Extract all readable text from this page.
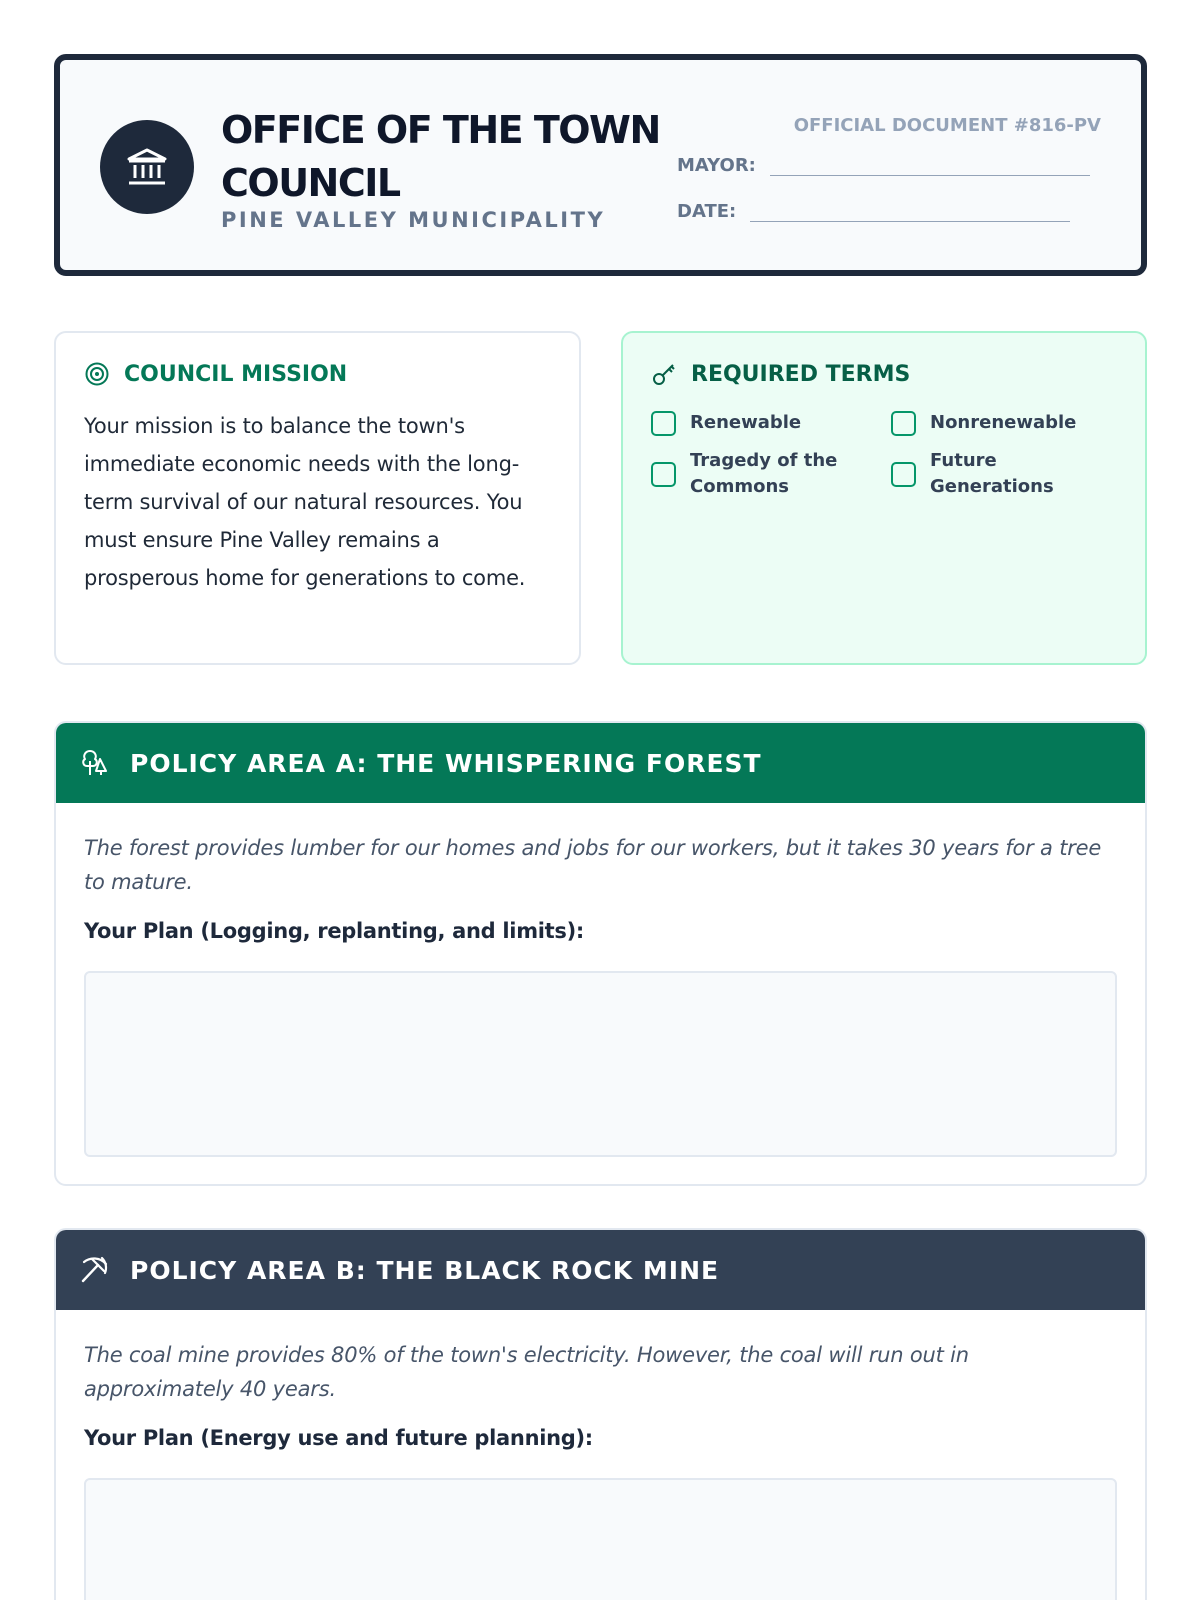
OFFICE OF THE TOWN COUNCIL
PINE VALLEY MUNICIPALITY
OFFICIAL DOCUMENT #816-PV
MAYOR:
DATE:
COUNCIL MISSION
Your mission is to balance the town's immediate economic needs with the long-term survival of our natural resources. You must ensure Pine Valley remains a prosperous home for generations to come.
REQUIRED TERMS
Renewable	Nonrenewable
Tragedy of the Commons
Future Generations
POLICY AREA A: THE WHISPERING FOREST
The forest provides lumber for our homes and jobs for our workers, but it takes 30 years for a tree to mature.
Your Plan (Logging, replanting, and limits):
POLICY AREA B: THE BLACK ROCK MINE
The coal mine provides 80% of the town's electricity. However, the coal will run out in approximately 40 years.
Your Plan (Energy use and future planning):
